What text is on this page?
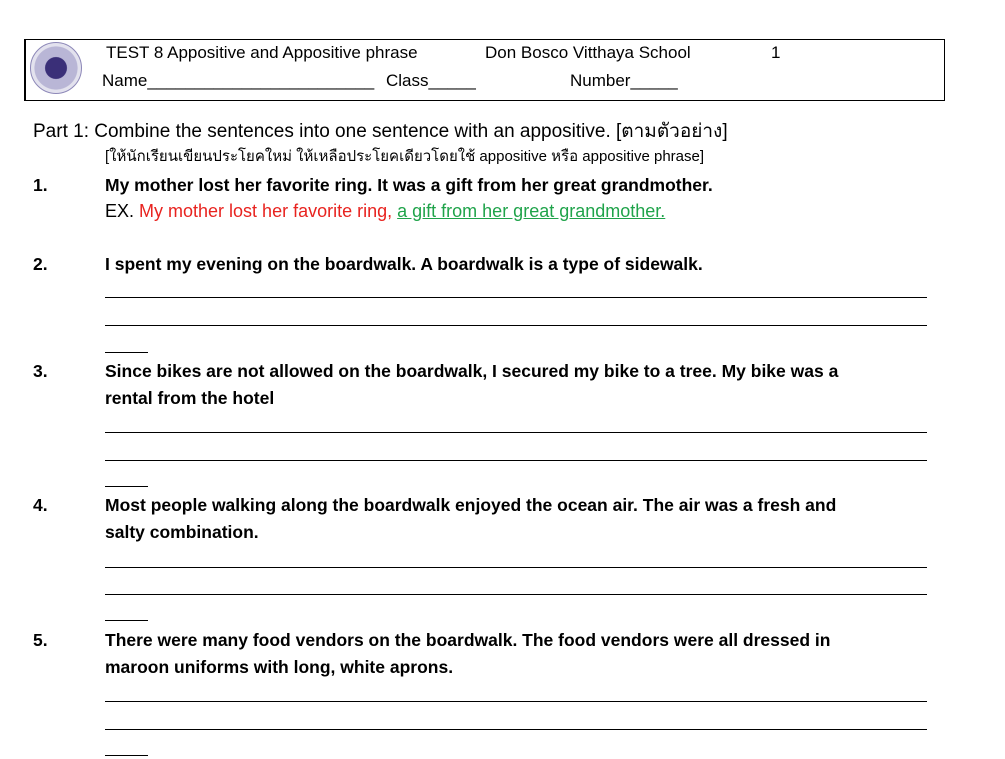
TEST 8 Appositive and Appositive phrase	Don Bosco Vitthaya School	1
Name________________________ Class_____	Number_____
Part 1: Combine the sentences into one sentence with an appositive. [ตามตัวอย่าง]
[ให้นักเรียนเขียนประโยคใหม่ ให้เหลือประโยคเดียวโดยใช้ appositive หรือ appositive phrase]
1.	My mother lost her favorite ring. It was a gift from her great grandmother.
EX. My mother lost her favorite ring, a gift from her great grandmother.
2.	I spent my evening on the boardwalk. A boardwalk is a type of sidewalk.
3.	Since bikes are not allowed on the boardwalk, I secured my bike to a tree. My bike was a
rental from the hotel
4.	Most people walking along the boardwalk enjoyed the ocean air. The air was a fresh and
salty combination.
5.	There were many food vendors on the boardwalk. The food vendors were all dressed in
maroon uniforms with long, white aprons.
